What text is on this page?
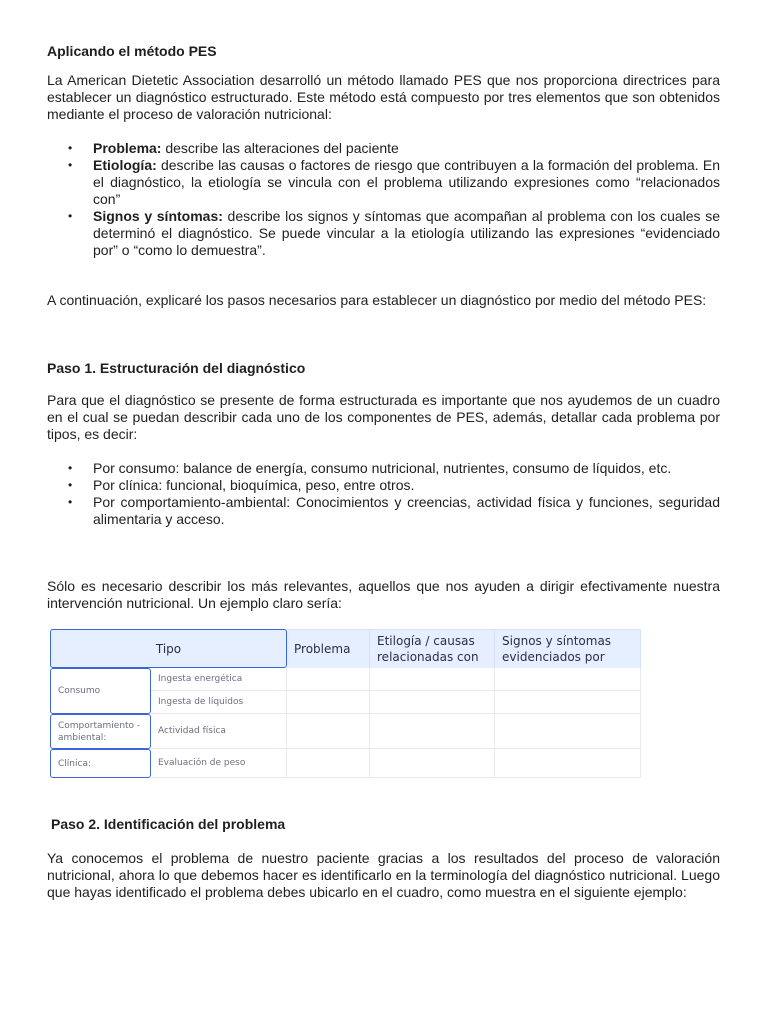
Aplicando el método PES

La American Dietetic Association desarrolló un método llamado PES que nos proporciona directrices para establecer un diagnóstico estructurado. Este método está compuesto por tres elementos que son obtenidos mediante el proceso de valoración nutricional:

• Problema: describe las alteraciones del paciente
• Etiología: describe las causas o factores de riesgo que contribuyen a la formación del problema. En el diagnóstico, la etiología se vincula con el problema utilizando expresiones como “relacionados con”
• Signos y síntomas: describe los signos y síntomas que acompañan al problema con los cuales se determinó el diagnóstico. Se puede vincular a la etiología utilizando las expresiones “evidenciado por” o “como lo demuestra”.

A continuación, explicaré los pasos necesarios para establecer un diagnóstico por medio del método PES:

Paso 1. Estructuración del diagnóstico

Para que el diagnóstico se presente de forma estructurada es importante que nos ayudemos de un cuadro en el cual se puedan describir cada uno de los componentes de PES, además, detallar cada problema por tipos, es decir:

• Por consumo: balance de energía, consumo nutricional, nutrientes, consumo de líquidos, etc.
• Por clínica: funcional, bioquímica, peso, entre otros.
• Por comportamiento-ambiental: Conocimientos y creencias, actividad física y funciones, seguridad alimentaria y acceso.

Sólo es necesario describir los más relevantes, aquellos que nos ayuden a dirigir efectivamente nuestra intervención nutricional. Un ejemplo claro sería:

Tipo		Problema	Etilogía / causas relacionadas con	Signos y síntomas evidenciados por
Consumo	Ingesta energética			
	Ingesta de líquidos			
Comportamiento - ambiental:	Actividad física			
Clínica:	Evaluación de peso			
Paso 2. Identificación del problema

Ya conocemos el problema de nuestro paciente gracias a los resultados del proceso de valoración nutricional, ahora lo que debemos hacer es identificarlo en la terminología del diagnóstico nutricional. Luego que hayas identificado el problema debes ubicarlo en el cuadro, como muestra en el siguiente ejemplo:
